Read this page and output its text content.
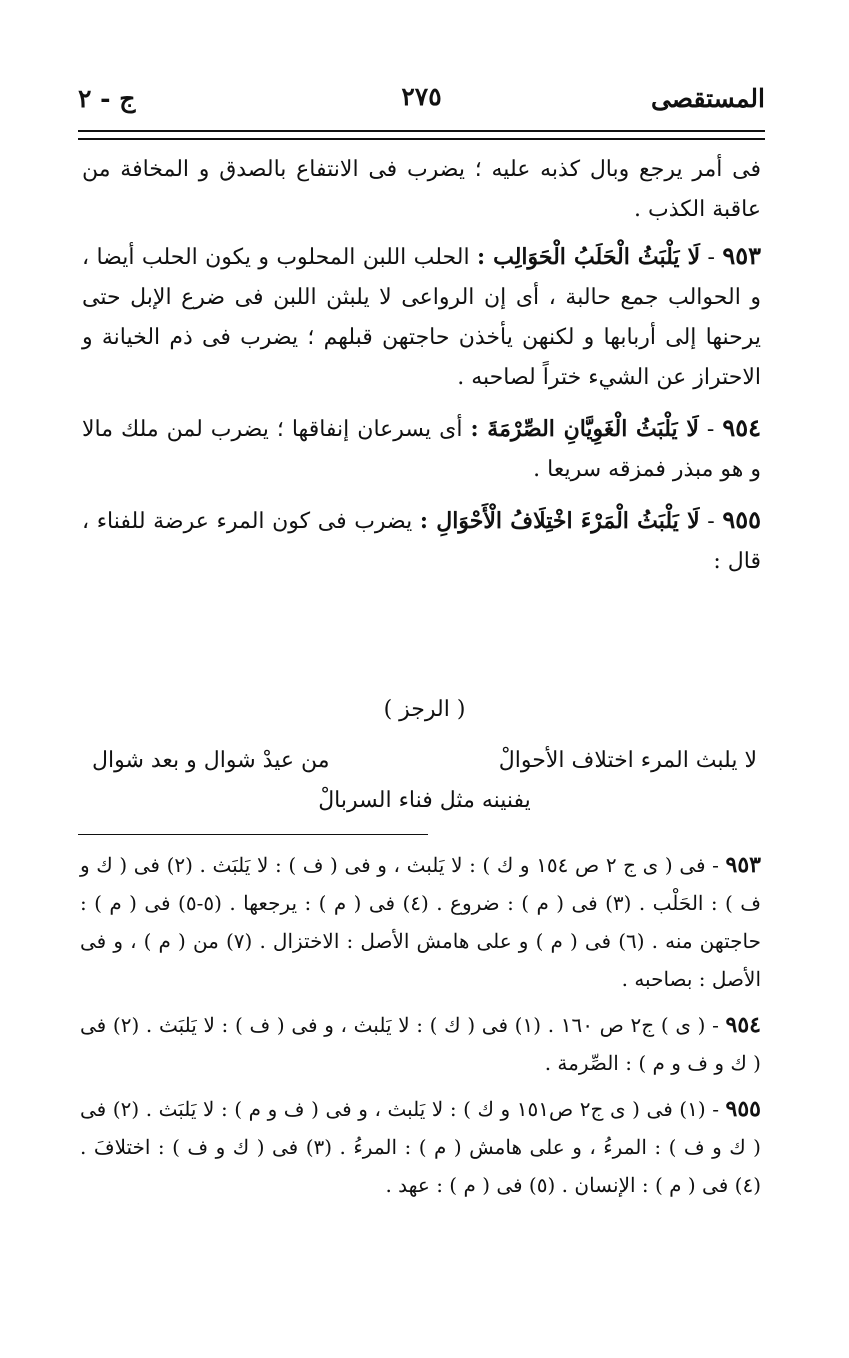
المستقصى
٢٧٥
ج - ٢

فى أمر يرجع وبال كذبه عليه ؛ يضرب فى الانتفاع بالصدق و المخافة من عاقبة الكذب .

٩٥٣ - لَا يَلْبَثُ الْحَلَبُ الْحَوَالِب : الحلب اللبن المحلوب و يكون الحلب أيضا ، و الحوالب جمع حالبة ، أى إن الرواعى لا يلبثن اللبن فى ضرع الإبل حتى يرحنها إلى أربابها و لكنهن يأخذن حاجتهن قبلهم ؛ يضرب فى ذم الخيانة و الاحتراز عن الشيء ختراً لصاحبه .

٩٥٤ - لَا يَلْبَثُ الْغَوِيَّانِ الصِّرْمَةَ : أى يسرعان إنفاقها ؛ يضرب لمن ملك مالا و هو مبذر فمزقه سريعا .

٩٥٥ - لَا يَلْبَثُ الْمَرْءَ اخْتِلَافُ الْأَحْوَالِ : يضرب فى كون المرء عرضة للفناء ، قال :

( الرجز )
لا يلبث المرء اختلاف الأحوالْ
من عيدْ شوال و بعد شوال
يفنينه مثل فناء السربالْ

٩٥٣ - فى ( ى ج ٢ ص ١٥٤ و ك ) : لا يَلبث ، و فى ( ف ) : لا يَلبَث . (٢) فى ( ك و ف ) : الحَلْب . (٣) فى ( م ) : ضروع . (٤) فى ( م ) : يرجعها . (٥-٥) فى ( م ) : حاجتهن منه . (٦) فى ( م ) و على هامش الأصل : الاختزال . (٧) من ( م ) ، و فى الأصل : بصاحبه .

٩٥٤ - ( ى ) ج٢ ص ١٦٠ . (١) فى ( ك ) : لا يَلبث ، و فى ( ف ) : لا يَلبَث . (٢) فى ( ك و ف و م ) : الصِّرمة .

٩٥٥ - (١) فى ( ى ج٢ ص١٥١ و ك ) : لا يَلبث ، و فى ( ف و م ) : لا يَلبَث . (٢) فى ( ك و ف ) : المرءُ ، و على هامش ( م ) : المرءُ . (٣) فى ( ك و ف ) : اختلافَ . (٤) فى ( م ) : الإنسان . (٥) فى ( م ) : عهد .
